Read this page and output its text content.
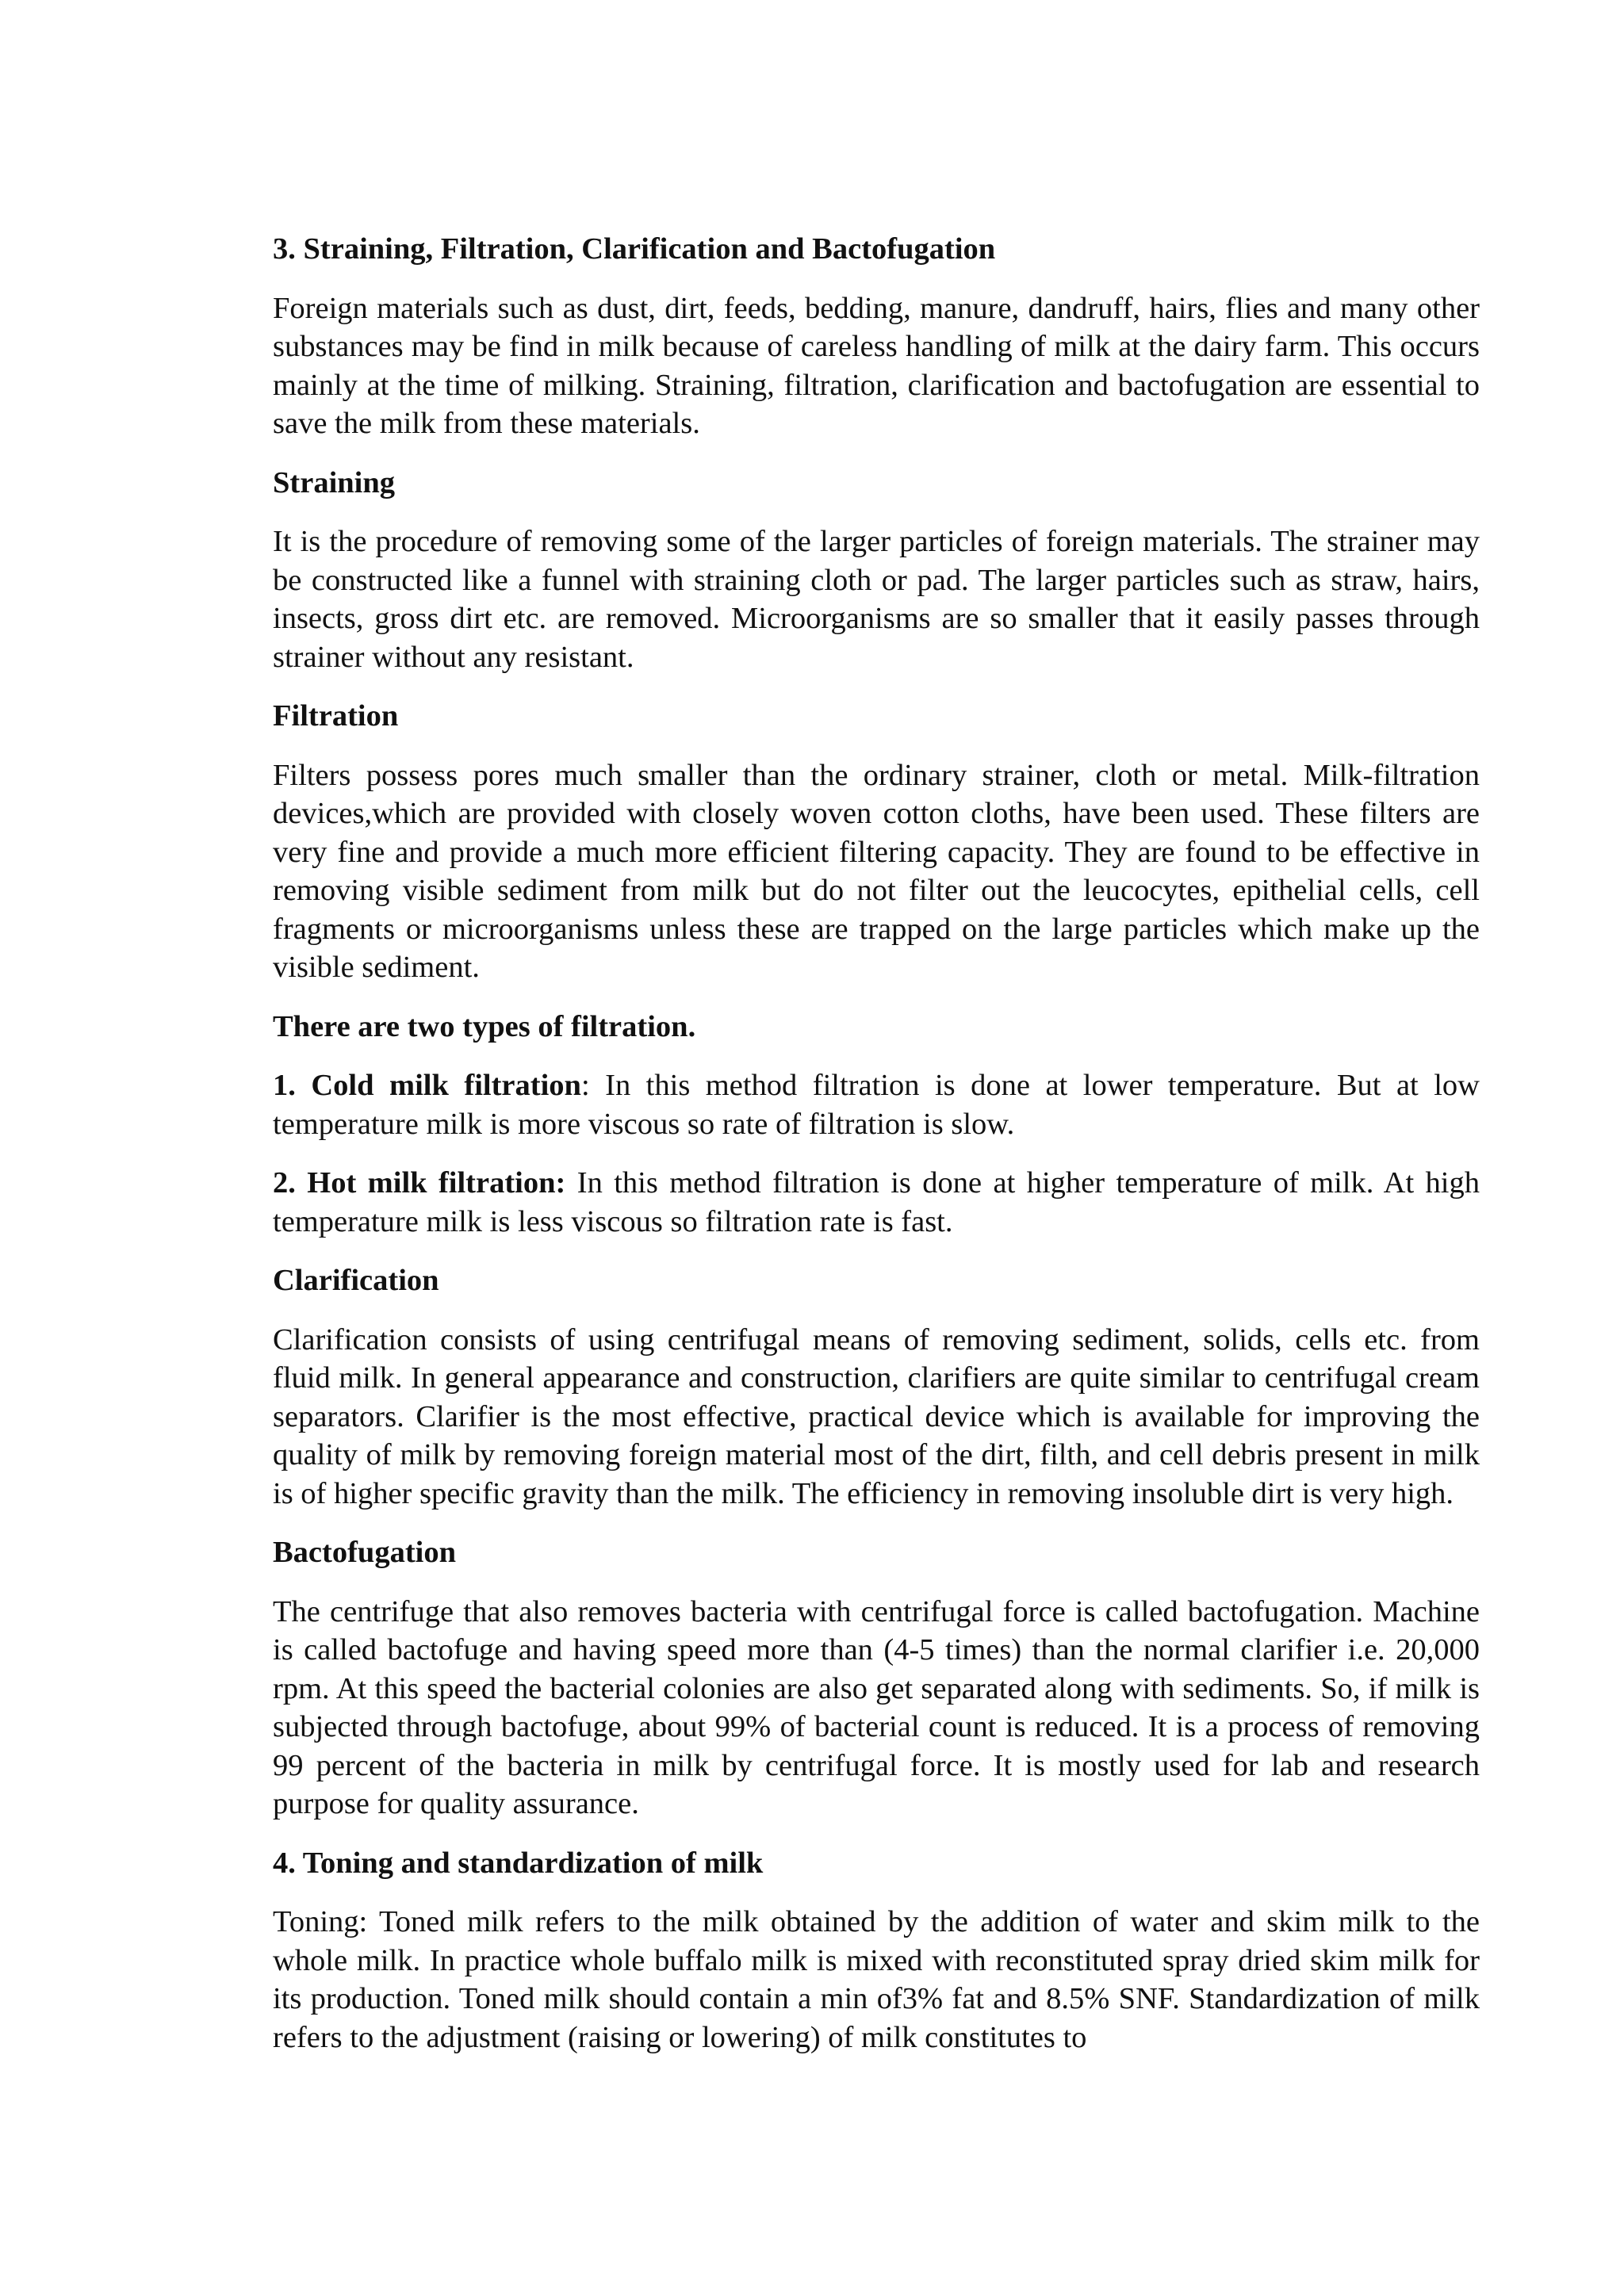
3. Straining, Filtration, Clarification and Bactofugation

Foreign materials such as dust, dirt, feeds, bedding, manure, dandruff, hairs, flies and many other substances may be find in milk because of careless handling of milk at the dairy farm. This occurs mainly at the time of milking. Straining, filtration, clarification and bactofugation are essential to save the milk from these materials.

Straining

It is the procedure of removing some of the larger particles of foreign materials. The strainer may be constructed like a funnel with straining cloth or pad. The larger particles such as straw, hairs, insects, gross dirt etc. are removed. Microorganisms are so smaller that it easily passes through strainer without any resistant.

Filtration

Filters possess pores much smaller than the ordinary strainer, cloth or metal. Milk-filtration devices,which are provided with closely woven cotton cloths, have been used. These filters are very fine and provide a much more efficient filtering capacity. They are found to be effective in removing visible sediment from milk but do not filter out the leucocytes, epithelial cells, cell fragments or microorganisms unless these are trapped on the large particles which make up the visible sediment.

There are two types of filtration.

1. Cold milk filtration: In this method filtration is done at lower temperature. But at low temperature milk is more viscous so rate of filtration is slow.

2. Hot milk filtration: In this method filtration is done at higher temperature of milk. At high temperature milk is less viscous so filtration rate is fast.

Clarification

Clarification consists of using centrifugal means of removing sediment, solids, cells etc. from fluid milk. In general appearance and construction, clarifiers are quite similar to centrifugal cream separators. Clarifier is the most effective, practical device which is available for improving the quality of milk by removing foreign material most of the dirt, filth, and cell debris present in milk is of higher specific gravity than the milk. The efficiency in removing insoluble dirt is very high.

Bactofugation

The centrifuge that also removes bacteria with centrifugal force is called bactofugation. Machine is called bactofuge and having speed more than (4-5 times) than the normal clarifier i.e. 20,000 rpm. At this speed the bacterial colonies are also get separated along with sediments. So, if milk is subjected through bactofuge, about 99% of bacterial count is reduced. It is a process of removing 99 percent of the bacteria in milk by centrifugal force. It is mostly used for lab and research purpose for quality assurance.

4. Toning and standardization of milk

Toning: Toned milk refers to the milk obtained by the addition of water and skim milk to the whole milk. In practice whole buffalo milk is mixed with reconstituted spray dried skim milk for its production. Toned milk should contain a min of3% fat and 8.5% SNF. Standardization of milk refers to the adjustment (raising or lowering) of milk constitutes to
